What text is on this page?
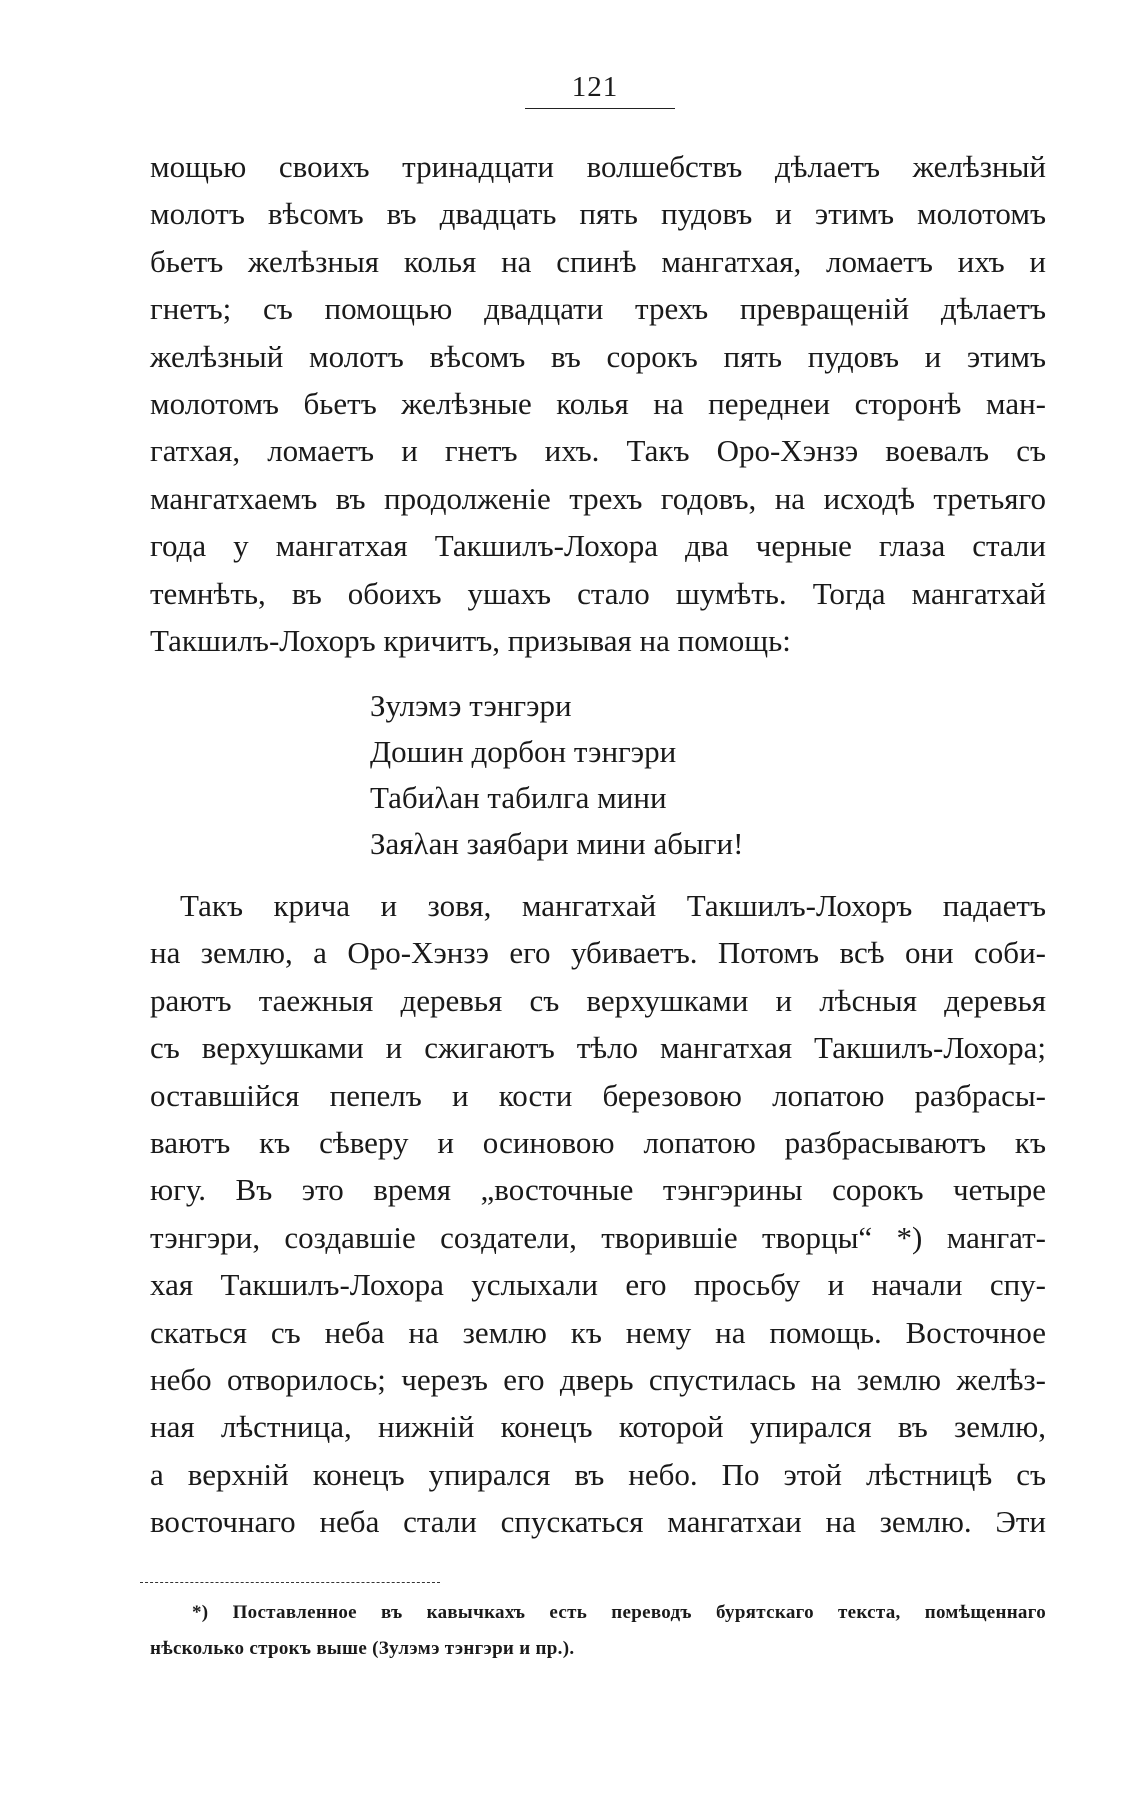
121
мощью своихъ тринадцати волшебствъ дѣлаетъ желѣзный
молотъ вѣсомъ въ двадцать пять пудовъ и этимъ молотомъ
бьетъ желѣзныя колья на спинѣ мангатхая, ломаетъ ихъ и
гнетъ; съ помощью двадцати трехъ превращенiй дѣлаетъ
желѣзный молотъ вѣсомъ въ сорокъ пять пудовъ и этимъ
молотомъ бьетъ желѣзные колья на переднеи сторонѣ ман-
гатхая, ломаетъ и гнетъ ихъ. Такъ Оро-Хэнзэ воевалъ съ
мангатхаемъ въ продолженiе трехъ годовъ, на исходѣ третьяго
года у мангатхая Такшилъ-Лохора два черные глаза стали
темнѣть, въ обоихъ ушахъ стало шумѣть. Тогда мангатхай
Такшилъ-Лохоръ кричитъ, призывая на помощь:
Зулэмэ тэнгэри
Дошин дорбон тэнгэри
Табиλан табилга мини
Заяλан заябари мини абыги!
Такъ крича и зовя, мангатхай Такшилъ-Лохоръ падаетъ
на землю, а Оро-Хэнзэ его убиваетъ. Потомъ всѣ они соби-
раютъ таежныя деревья съ верхушками и лѣсныя деревья
съ верхушками и сжигаютъ тѣло мангатхая Такшилъ-Лохора;
оставшiйся пепелъ и кости березовою лопатою разбрасы-
ваютъ къ сѣверу и осиновою лопатою разбрасываютъ къ
югу. Въ это время „восточные тэнгэрины сорокъ четыре
тэнгэри, создавшiе создатели, творившiе творцы“ *) мангат-
хая Такшилъ-Лохора услыхали его просьбу и начали спу-
скаться съ неба на землю къ нему на помощь. Восточное
небо отворилось; черезъ его дверь спустилась на землю желѣз-
ная лѣстница, нижнiй конецъ которой упирался въ землю,
а верхнiй конецъ упирался въ небо. По этой лѣстницѣ съ
восточнаго неба стали спускаться мангатхаи на землю. Эти
*) Поставленное въ кавычкахъ есть переводъ бурятскаго текста, помѣщеннаго
нѣсколько строкъ выше (Зулэмэ тэнгэри и пр.).
